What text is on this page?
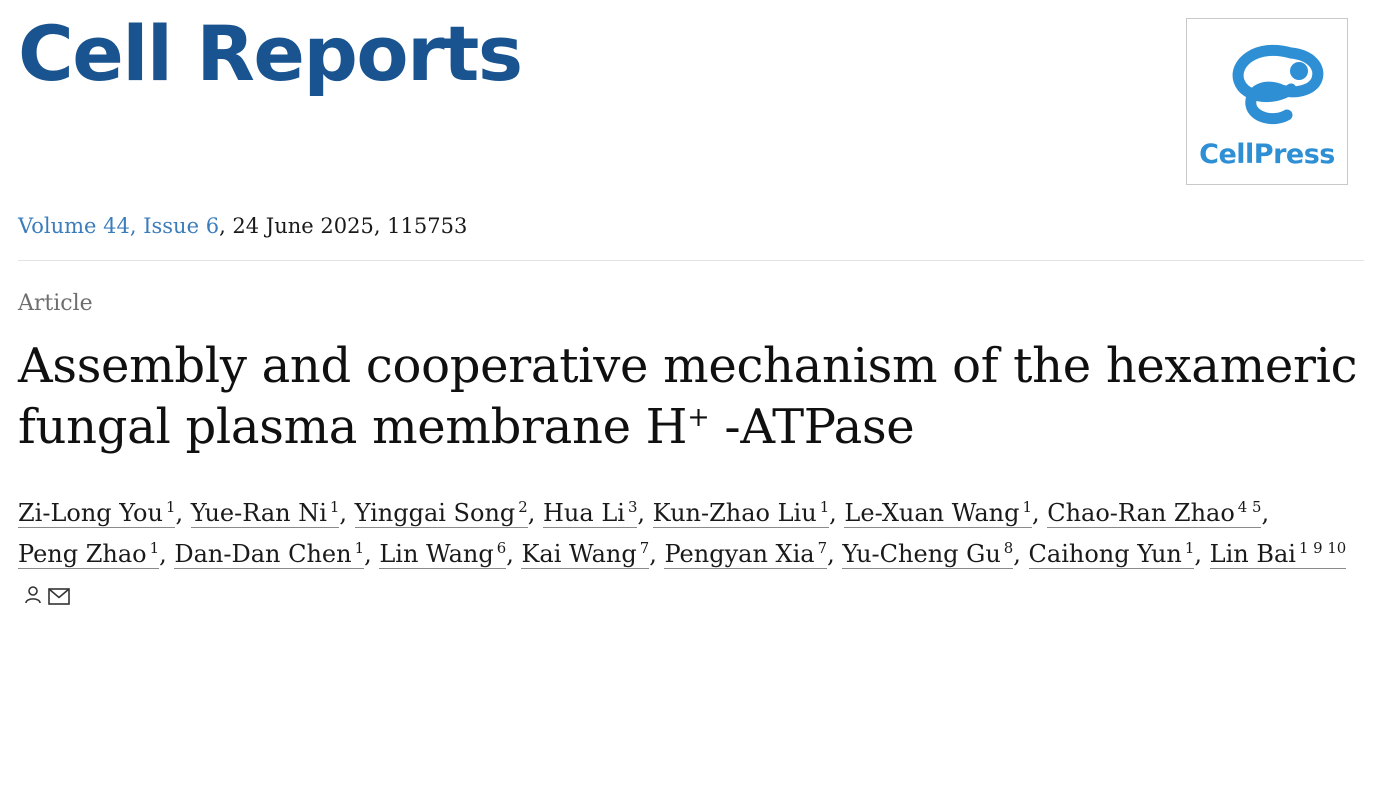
Cell Reports
CellPress
Volume 44, Issue 6, 24 June 2025, 115753
Article
Assembly and cooperative mechanism of the hexameric fungal plasma membrane H+ -ATPase
Zi-Long You $^1$, Yue-Ran Ni $^1$, Yinggai Song $^2$, Hua Li $^3$, Kun-Zhao Liu $^1$, Le-Xuan Wang $^1$, Chao-Ran Zhao $^{4 5}$, Peng Zhao $^1$, Dan-Dan Chen $^1$, Lin Wang $^6$, Kai Wang $^7$, Pengyan Xia $^7$, Yu-Cheng Gu $^8$, Caihong Yun $^1$, Lin Bai $^{1 9 10}$
